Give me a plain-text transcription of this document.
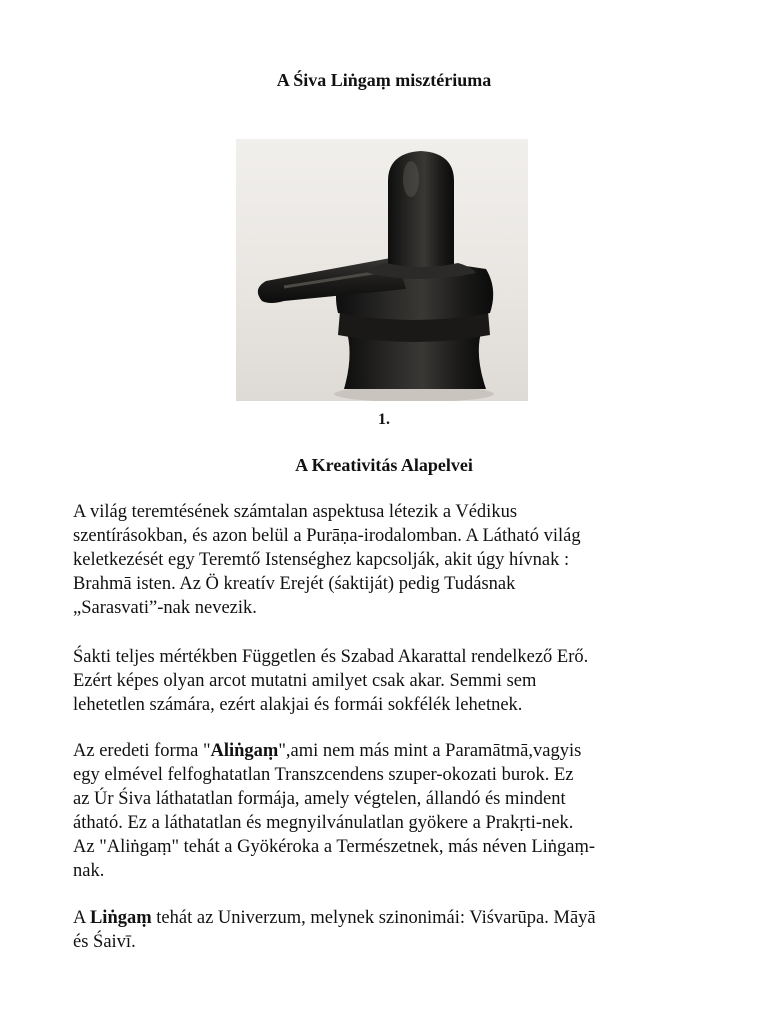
A Śiva Liṅgaṃ misztériuma
1.
A Kreativitás Alapelvei

A világ teremtésének számtalan aspektusa létezik a Védikus
szentírásokban, és azon belül a Purāṇa-irodalomban. A Látható világ
keletkezését egy Teremtő Istenséghez kapcsolják, akit úgy hívnak :
Brahmā isten. Az Ö kreatív Erejét (śaktiját) pedig Tudásnak
„Sarasvati”-nak nevezik.

Śakti teljes mértékben Független és Szabad Akarattal rendelkező Erő.
Ezért képes olyan arcot mutatni amilyet csak akar. Semmi sem
lehetetlen számára, ezért alakjai és formái sokfélék lehetnek.

Az eredeti forma "Aliṅgaṃ",ami nem más mint a Paramātmā,vagyis
egy elmével felfoghatatlan Transzcendens szuper-okozati burok. Ez
az Úr Śiva láthatatlan formája, amely végtelen, állandó és mindent
átható. Ez a láthatatlan és megnyilvánulatlan gyökere a Prakṛti-nek.
Az "Aliṅgaṃ" tehát a Gyökéroka a Természetnek, más néven Liṅgaṃ-
nak.

A Liṅgaṃ tehát az Univerzum, melynek szinonimái: Viśvarūpa. Māyā
és Śaivī.
